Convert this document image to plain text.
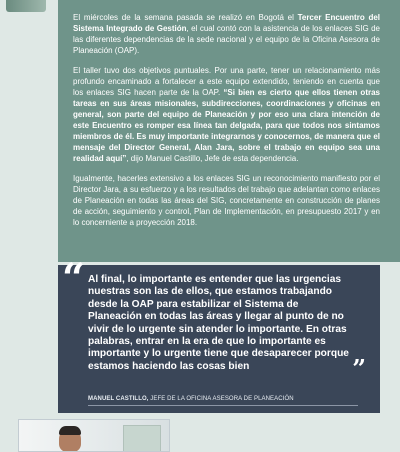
El miércoles de la semana pasada se realizó en Bogotá el Tercer Encuentro del Sistema Integrado de Gestión, el cual contó con la asistencia de los enlaces SIG de las diferentes dependencias de la sede nacional y el equipo de la Oficina Asesora de Planeación (OAP).

El taller tuvo dos objetivos puntuales. Por una parte, tener un relacionamiento más profundo encaminado a fortalecer a este equipo extendido, teniendo en cuenta que los enlaces SIG hacen parte de la OAP. “Si bien es cierto que ellos tienen otras tareas en sus áreas misionales, subdirecciones, coordinaciones y oficinas en general, son parte del equipo de Planeación y por eso una clara intención de este Encuentro es romper esa línea tan delgada, para que todos nos sintamos miembros de él. Es muy importante integrarnos y conocernos, de manera que el mensaje del Director General, Alan Jara, sobre el trabajo en equipo sea una realidad aquí”, dijo Manuel Castillo, Jefe de esta dependencia.

Igualmente, hacerles extensivo a los enlaces SIG un reconocimiento manifiesto por el Director Jara, a su esfuerzo y a los resultados del trabajo que adelantan como enlaces de Planeación en todas las áreas del SIG, concretamente en construcción de planes de acción, seguimiento y control, Plan de Implementación, en presupuesto 2017 y en lo concerniente a proyección 2018.

“ Al final, lo importante es entender que las urgencias nuestras son las de ellos, que estamos trabajando desde la OAP para estabilizar el Sistema de Planeación en todas las áreas y llegar al punto de no vivir de lo urgente sin atender lo importante. En otras palabras, entrar en la era de que lo importante es importante y lo urgente tiene que desaparecer porque estamos haciendo las cosas bien	”
MANUEL CASTILLO, JEFE DE LA OFICINA ASESORA DE PLANEACIÓN
